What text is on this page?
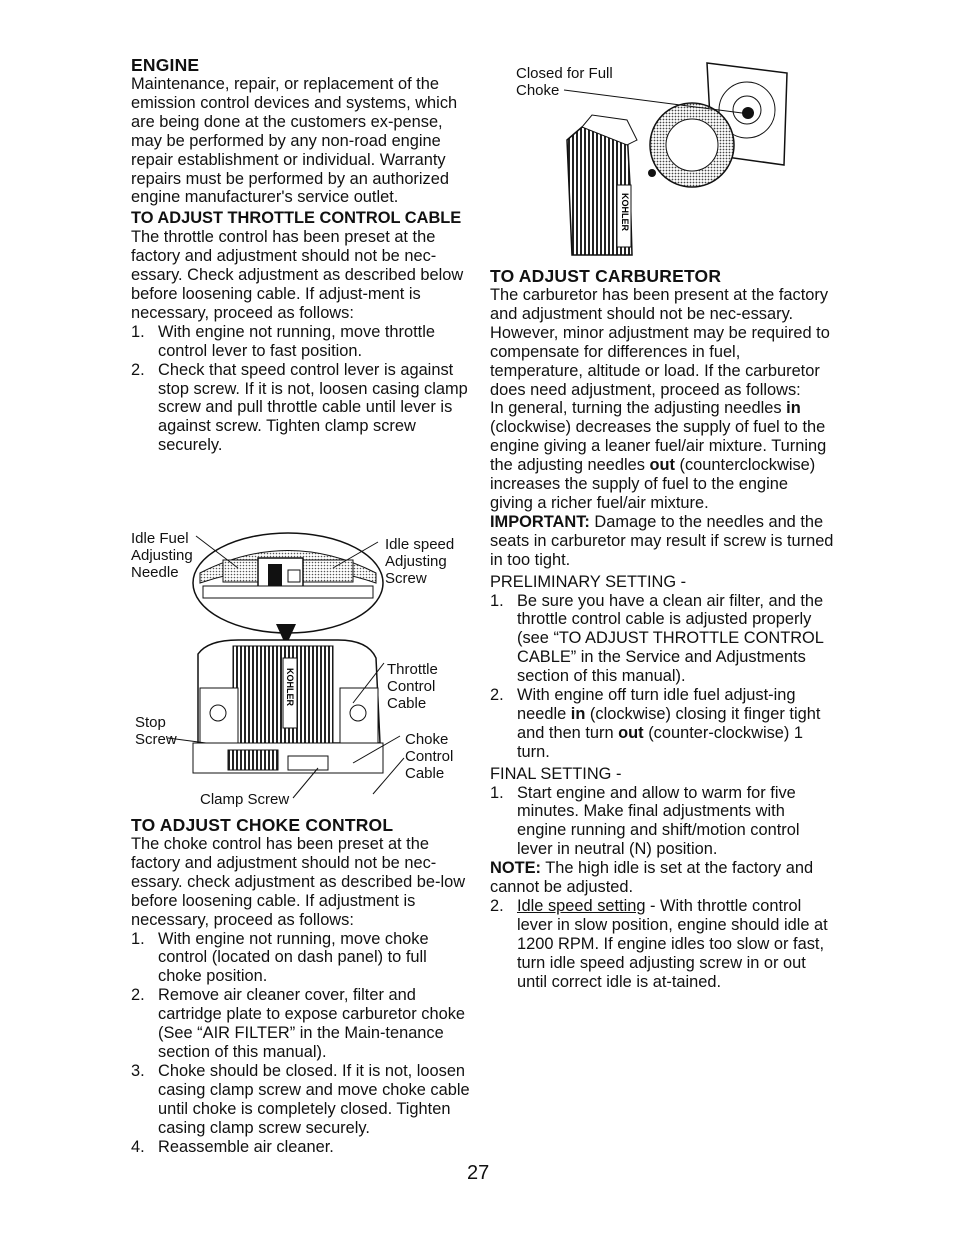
ENGINE

Maintenance, repair, or replacement of the emission control devices and systems, which are being done at the customers ex-pense, may be performed by any non-road engine repair establishment or individual. Warranty repairs must be performed by an authorized engine manufacturer's service outlet.

TO ADJUST THROTTLE CONTROL CABLE

The throttle control has been preset at the factory and adjustment should not be nec-essary. Check adjustment as described below before loosening cable. If adjust-ment is necessary, proceed as follows:

1. With engine not running, move throttle control lever to fast position.
2. Check that speed control lever is against stop screw. If it is not, loosen casing clamp screw and pull throttle cable until lever is against screw. Tighten clamp screw securely.
KOHLER
Idle Fuel
Adjusting
Needle
Idle speed
Adjusting
Screw
Throttle
Control
Cable
Stop
Screw	Choke
Control
Cable
Clamp Screw
TO ADJUST CHOKE CONTROL

The choke control has been preset at the factory and adjustment should not be nec-essary. check adjustment as described be-low before loosening cable. If adjustment is necessary, proceed as follows:

1. With engine not running, move choke control (located on dash panel) to full choke position.
2. Remove air cleaner cover, filter and cartridge plate to expose carburetor choke (See “AIR FILTER” in the Main-tenance section of this manual).
3. Choke should be closed. If it is not, loosen casing clamp screw and move choke cable until choke is completely closed. Tighten casing clamp screw securely.
4. Reassemble air cleaner.
KOHLER
Closed for Full
Choke
TO ADJUST CARBURETOR

The carburetor has been present at the factory and adjustment should not be nec-essary. However, minor adjustment may be required to compensate for differences in fuel, temperature, altitude or load. If the carburetor does need adjustment, proceed as follows:

In general, turning the adjusting needles in (clockwise) decreases the supply of fuel to the engine giving a leaner fuel/air mixture. Turning the adjusting needles out (counterclockwise) increases the supply of fuel to the engine giving a richer fuel/air mixture.

IMPORTANT: Damage to the needles and the seats in carburetor may result if screw is turned in too tight.

PRELIMINARY SETTING -

1. Be sure you have a clean air filter, and the throttle control cable is adjusted properly (see “TO ADJUST THROTTLE CONTROL CABLE” in the Service and Adjustments section of this manual).
2. With engine off turn idle fuel adjust-ing needle in (clockwise) closing it finger tight and then turn out (counter-clockwise) 1 turn.

FINAL SETTING -

1. Start engine and allow to warm for five minutes. Make final adjustments with engine running and shift/motion control lever in neutral (N) position.

NOTE: The high idle is set at the factory and cannot be adjusted.

2. Idle speed setting - With throttle control lever in slow position, engine should idle at 1200 RPM. If engine idles too slow or fast, turn idle speed adjusting screw in or out until correct idle is at-tained.
27
